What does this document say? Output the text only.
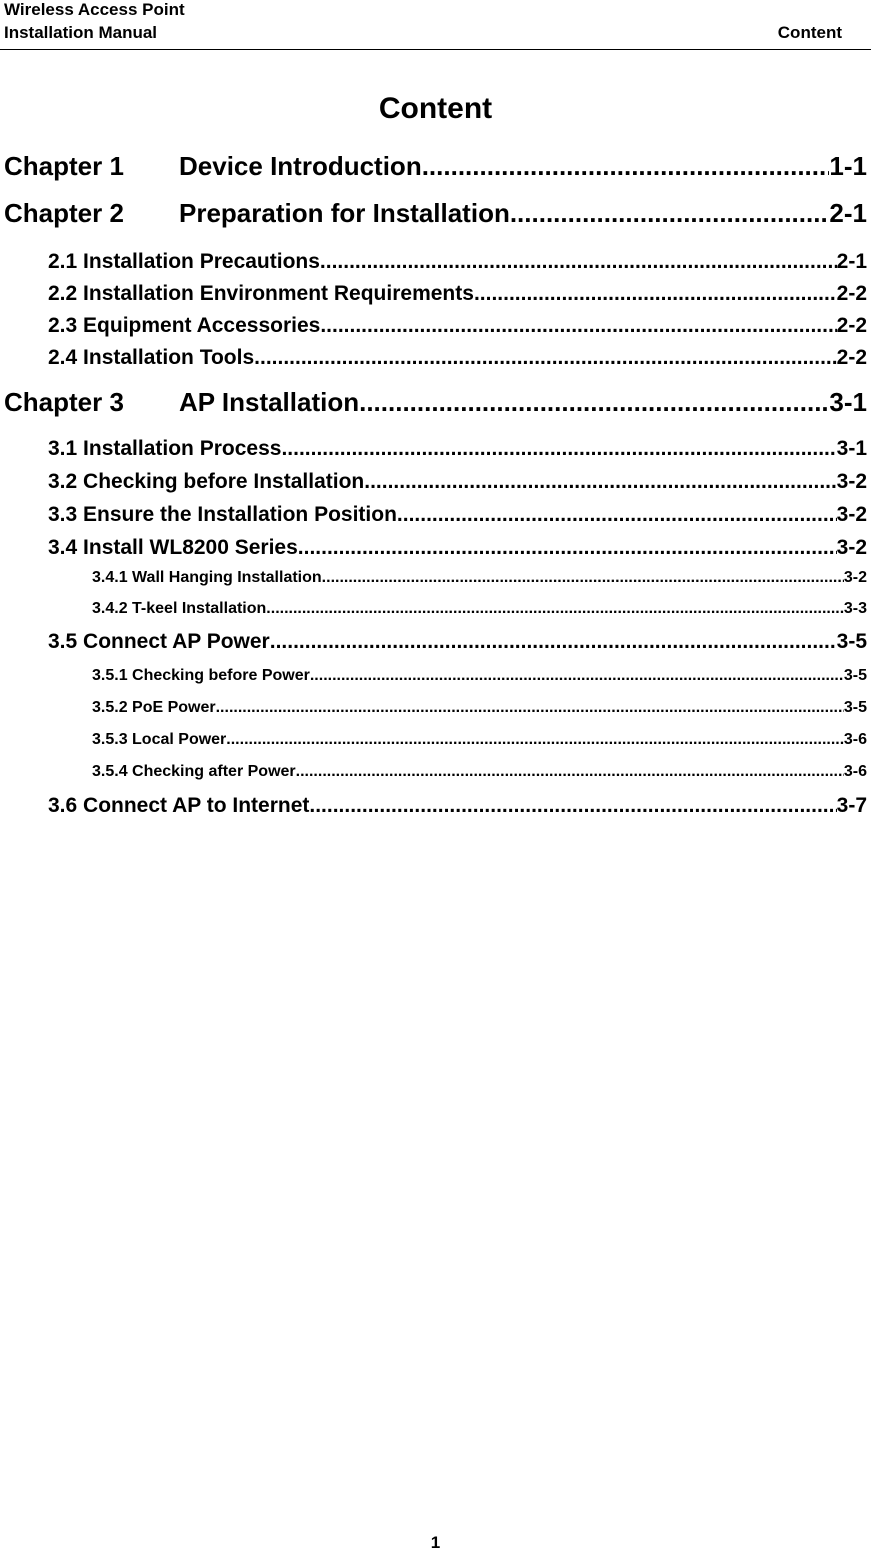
Wireless Access Point
Installation Manual	Content
Content
Chapter 1 Device Introduction .....	1-1
Chapter 2 Preparation for Installation .....	2-1
2.1 Installation Precautions .....	2-1
2.2 Installation Environment Requirements .....	2-2
2.3 Equipment Accessories .....	2-2
2.4 Installation Tools .....	2-2
Chapter 3 AP Installation .....	3-1
3.1 Installation Process .....	3-1
3.2 Checking before Installation .....	3-2
3.3 Ensure the Installation Position .....	3-2
3.4 Install WL8200 Series .....	3-2
3.4.1 Wall Hanging Installation .....	3-2
3.4.2 T-keel Installation .....	3-3
3.5 Connect AP Power .....	3-5
3.5.1 Checking before Power .....	3-5
3.5.2 PoE Power .....	3-5
3.5.3 Local Power .....	3-6
3.5.4 Checking after Power .....	3-6
3.6 Connect AP to Internet .....	3-7
1
